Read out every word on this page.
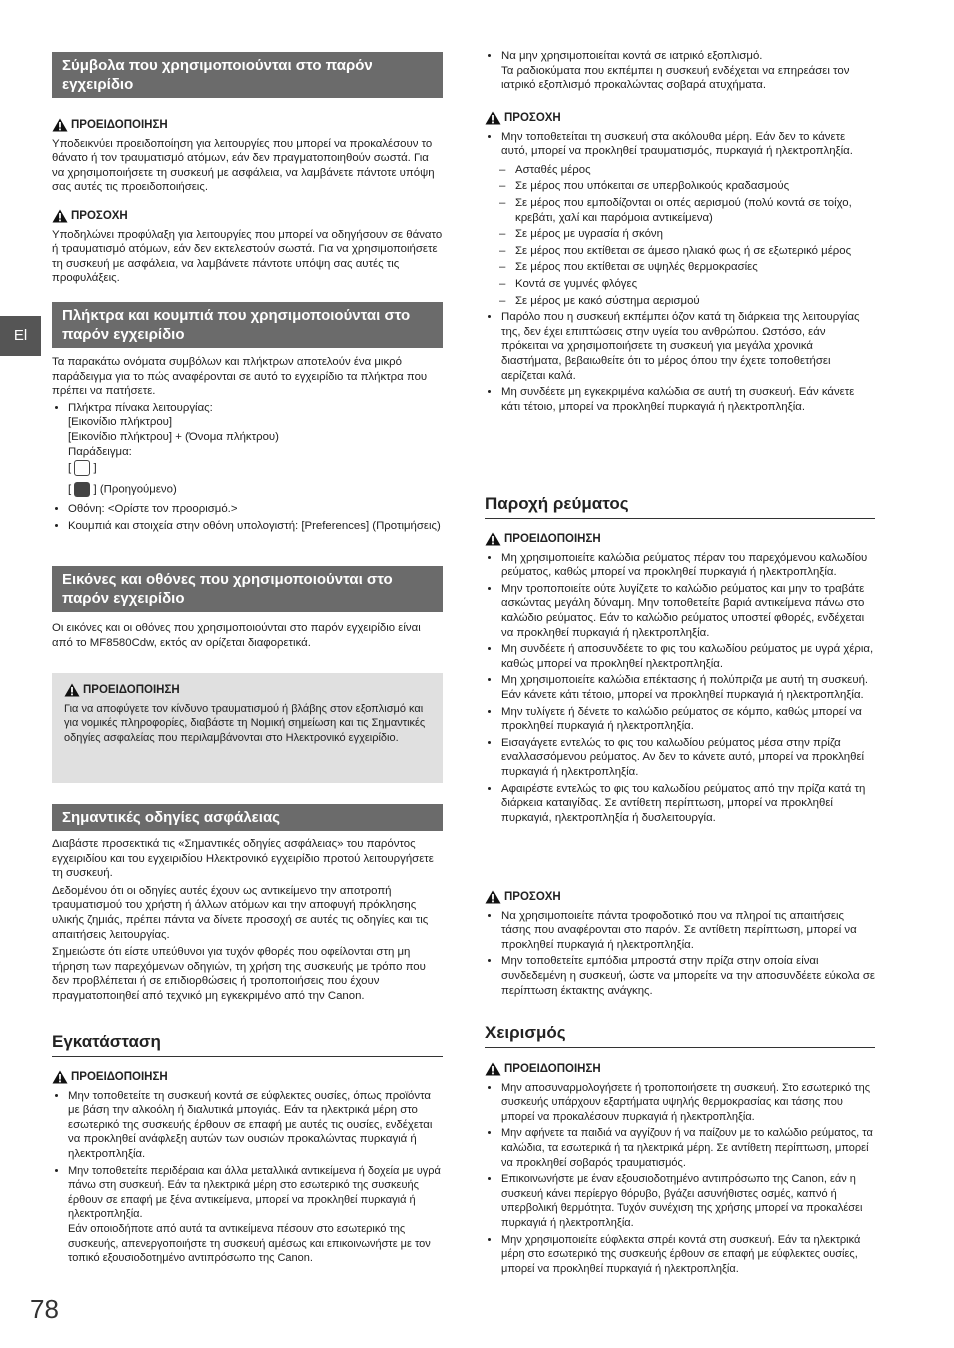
El
Σύμβολα που χρησιμοποιούνται στο παρόν εγχειρίδιο
ΠΡΟΕΙΔΟΠΟΙΗΣΗ

Υποδεικνύει προειδοποίηση για λειτουργίες που μπορεί να προκαλέσουν το θάνατο ή τον τραυματισμό ατόμων, εάν δεν πραγματοποιηθούν σωστά. Για να χρησιμοποιήσετε τη συσκευή με ασφάλεια, να λαμβάνετε πάντοτε υπόψη σας αυτές τις προειδοποιήσεις.

ΠΡΟΣΟΧΗ

Υποδηλώνει προφύλαξη για λειτουργίες που μπορεί να οδηγήσουν σε θάνατο ή τραυματισμό ατόμων, εάν δεν εκτελεστούν σωστά. Για να χρησιμοποιήσετε τη συσκευή με ασφάλεια, να λαμβάνετε πάντοτε υπόψη σας αυτές τις προφυλάξεις.

Πλήκτρα και κουμπιά που χρησιμοποιούνται στο παρόν εγχειρίδιο

Τα παρακάτω ονόματα συμβόλων και πλήκτρων αποτελούν ένα μικρό παράδειγμα για το πώς αναφέρονται σε αυτό το εγχειρίδιο τα πλήκτρα που πρέπει να πατήσετε.

• Πλήκτρα πίνακα λειτουργίας:
[Εικονίδιο πλήκτρου]
[Εικονίδιο πλήκτρου] + (Όνομα πλήκτρου)
Παράδειγμα:
[  ]
[  ] (Προηγούμενο)
• Οθόνη: <Ορίστε τον προορισμό.>
• Κουμπιά και στοιχεία στην οθόνη υπολογιστή: [Preferences] (Προτιμήσεις)
Εικόνες και οθόνες που χρησιμοποιούνται στο παρόν εγχειρίδιο

Οι εικόνες και οι οθόνες που χρησιμοποιούνται στο παρόν εγχειρίδιο είναι από το MF8580Cdw, εκτός αν ορίζεται διαφορετικά.

ΠΡΟΕΙΔΟΠΟΙΗΣΗ

Για να αποφύγετε τον κίνδυνο τραυματισμού ή βλάβης στον εξοπλισμό και για νομικές πληροφορίες, διαβάστε τη Νομική σημείωση και τις Σημαντικές οδηγίες ασφαλείας που περιλαμβάνονται στο Ηλεκτρονικό εγχειρίδιο.

Σημαντικές οδηγίες ασφάλειας

Διαβάστε προσεκτικά τις «Σημαντικές οδηγίες ασφάλειας» του παρόντος εγχειριδίου και του εγχειριδίου Ηλεκτρονικό εγχειρίδιο προτού λειτουργήσετε τη συσκευή.

Δεδομένου ότι οι οδηγίες αυτές έχουν ως αντικείμενο την αποτροπή τραυματισμού του χρήστη ή άλλων ατόμων και την αποφυγή πρόκλησης υλικής ζημιάς, πρέπει πάντα να δίνετε προσοχή σε αυτές τις οδηγίες και τις απαιτήσεις λειτουργίας.

Σημειώστε ότι είστε υπεύθυνοι για τυχόν φθορές που οφείλονται στη μη τήρηση των παρεχόμενων οδηγιών, τη χρήση της συσκευής με τρόπο που δεν προβλέπεται ή σε επιδιορθώσεις ή τροποποιήσεις που έχουν πραγματοποιηθεί από τεχνικό μη εγκεκριμένο από την Canon.

Εγκατάσταση
ΠΡΟΕΙΔΟΠΟΙΗΣΗ
• Μην τοποθετείτε τη συσκευή κοντά σε εύφλεκτες ουσίες, όπως προϊόντα με βάση την αλκοόλη ή διαλυτικά μπογιάς. Εάν τα ηλεκτρικά μέρη στο εσωτερικό της συσκευής έρθουν σε επαφή με αυτές τις ουσίες, ενδέχεται να προκληθεί ανάφλεξη αυτών των ουσιών προκαλώντας πυρκαγιά ή ηλεκτροπληξία.
• Μην τοποθετείτε περιδέραια και άλλα μεταλλικά αντικείμενα ή δοχεία με υγρά πάνω στη συσκευή. Εάν τα ηλεκτρικά μέρη στο εσωτερικό της συσκευής έρθουν σε επαφή με ξένα αντικείμενα, μπορεί να προκληθεί πυρκαγιά ή ηλεκτροπληξία.
Εάν οποιοδήποτε από αυτά τα αντικείμενα πέσουν στο εσωτερικό της συσκευής, απενεργοποιήστε τη συσκευή αμέσως και επικοινωνήστε με τον τοπικό εξουσιοδοτημένο αντιπρόσωπο της Canon.
• Να μην χρησιμοποιείται κοντά σε ιατρικό εξοπλισμό.
Τα ραδιοκύματα που εκπέμπει η συσκευή ενδέχεται να επηρεάσει τον ιατρικό εξοπλισμό προκαλώντας σοβαρά ατυχήματα.
ΠΡΟΣΟΧΗ
• Μην τοποθετείται τη συσκευή στα ακόλουθα μέρη. Εάν δεν το κάνετε αυτό, μπορεί να προκληθεί τραυματισμός, πυρκαγιά ή ηλεκτροπληξία.
– Ασταθές μέρος
– Σε μέρος που υπόκειται σε υπερβολικούς κραδασμούς
– Σε μέρος που εμποδίζονται οι οπές αερισμού (πολύ κοντά σε τοίχο, κρεβάτι, χαλί και παρόμοια αντικείμενα)
– Σε μέρος με υγρασία ή σκόνη
– Σε μέρος που εκτίθεται σε άμεσο ηλιακό φως ή σε εξωτερικό μέρος
– Σε μέρος που εκτίθεται σε υψηλές θερμοκρασίες
– Κοντά σε γυμνές φλόγες
– Σε μέρος με κακό σύστημα αερισμού
• Παρόλο που η συσκευή εκπέμπει όζον κατά τη διάρκεια της λειτουργίας της, δεν έχει επιπτώσεις στην υγεία του ανθρώπου. Ωστόσο, εάν πρόκειται να χρησιμοποιήσετε τη συσκευή για μεγάλα χρονικά διαστήματα, βεβαιωθείτε ότι το μέρος όπου την έχετε τοποθετήσει αερίζεται καλά.
• Μη συνδέετε μη εγκεκριμένα καλώδια σε αυτή τη συσκευή. Εάν κάνετε κάτι τέτοιο, μπορεί να προκληθεί πυρκαγιά ή ηλεκτροπληξία.
Παροχή ρεύματος
ΠΡΟΕΙΔΟΠΟΙΗΣΗ
• Μη χρησιμοποιείτε καλώδια ρεύματος πέραν του παρεχόμενου καλωδίου ρεύματος, καθώς μπορεί να προκληθεί πυρκαγιά ή ηλεκτροπληξία.
• Μην τροποποιείτε ούτε λυγίζετε το καλώδιο ρεύματος και μην το τραβάτε ασκώντας μεγάλη δύναμη. Μην τοποθετείτε βαριά αντικείμενα πάνω στο καλώδιο ρεύματος. Εάν το καλώδιο ρεύματος υποστεί φθορές, ενδέχεται να προκληθεί πυρκαγιά ή ηλεκτροπληξία.
• Μη συνδέετε ή αποσυνδέετε το φις του καλωδίου ρεύματος με υγρά χέρια, καθώς μπορεί να προκληθεί ηλεκτροπληξία.
• Μη χρησιμοποιείτε καλώδια επέκτασης ή πολύπριζα με αυτή τη συσκευή. Εάν κάνετε κάτι τέτοιο, μπορεί να προκληθεί πυρκαγιά ή ηλεκτροπληξία.
• Μην τυλίγετε ή δένετε το καλώδιο ρεύματος σε κόμπο, καθώς μπορεί να προκληθεί πυρκαγιά ή ηλεκτροπληξία.
• Εισαγάγετε εντελώς το φις του καλωδίου ρεύματος μέσα στην πρίζα εναλλασσόμενου ρεύματος. Αν δεν το κάνετε αυτό, μπορεί να προκληθεί πυρκαγιά ή ηλεκτροπληξία.
• Αφαιρέστε εντελώς το φις του καλωδίου ρεύματος από την πρίζα κατά τη διάρκεια καταιγίδας. Σε αντίθετη περίπτωση, μπορεί να προκληθεί πυρκαγιά, ηλεκτροπληξία ή δυσλειτουργία.
ΠΡΟΣΟΧΗ
• Να χρησιμοποιείτε πάντα τροφοδοτικό που να πληροί τις απαιτήσεις τάσης που αναφέρονται στο παρόν. Σε αντίθετη περίπτωση, μπορεί να προκληθεί πυρκαγιά ή ηλεκτροπληξία.
• Μην τοποθετείτε εμπόδια μπροστά στην πρίζα στην οποία είναι συνδεδεμένη η συσκευή, ώστε να μπορείτε να την αποσυνδέετε εύκολα σε περίπτωση έκτακτης ανάγκης.
Χειρισμός
ΠΡΟΕΙΔΟΠΟΙΗΣΗ
• Μην αποσυναρμολογήσετε ή τροποποιήσετε τη συσκευή. Στο εσωτερικό της συσκευής υπάρχουν εξαρτήματα υψηλής θερμοκρασίας και τάσης που μπορεί να προκαλέσουν πυρκαγιά ή ηλεκτροπληξία.
• Μην αφήνετε τα παιδιά να αγγίζουν ή να παίζουν με το καλώδιο ρεύματος, τα καλώδια, τα εσωτερικά ή τα ηλεκτρικά μέρη. Σε αντίθετη περίπτωση, μπορεί να προκληθεί σοβαρός τραυματισμός.
• Επικοινωνήστε με έναν εξουσιοδοτημένο αντιπρόσωπο της Canon, εάν η συσκευή κάνει περίεργο θόρυβο, βγάζει ασυνήθιστες οσμές, καπνό ή υπερβολική θερμότητα. Τυχόν συνέχιση της χρήσης μπορεί να προκαλέσει πυρκαγιά ή ηλεκτροπληξία.
• Μην χρησιμοποιείτε εύφλεκτα σπρέι κοντά στη συσκευή. Εάν τα ηλεκτρικά μέρη στο εσωτερικό της συσκευής έρθουν σε επαφή με εύφλεκτες ουσίες, μπορεί να προκληθεί πυρκαγιά ή ηλεκτροπληξία.
78
